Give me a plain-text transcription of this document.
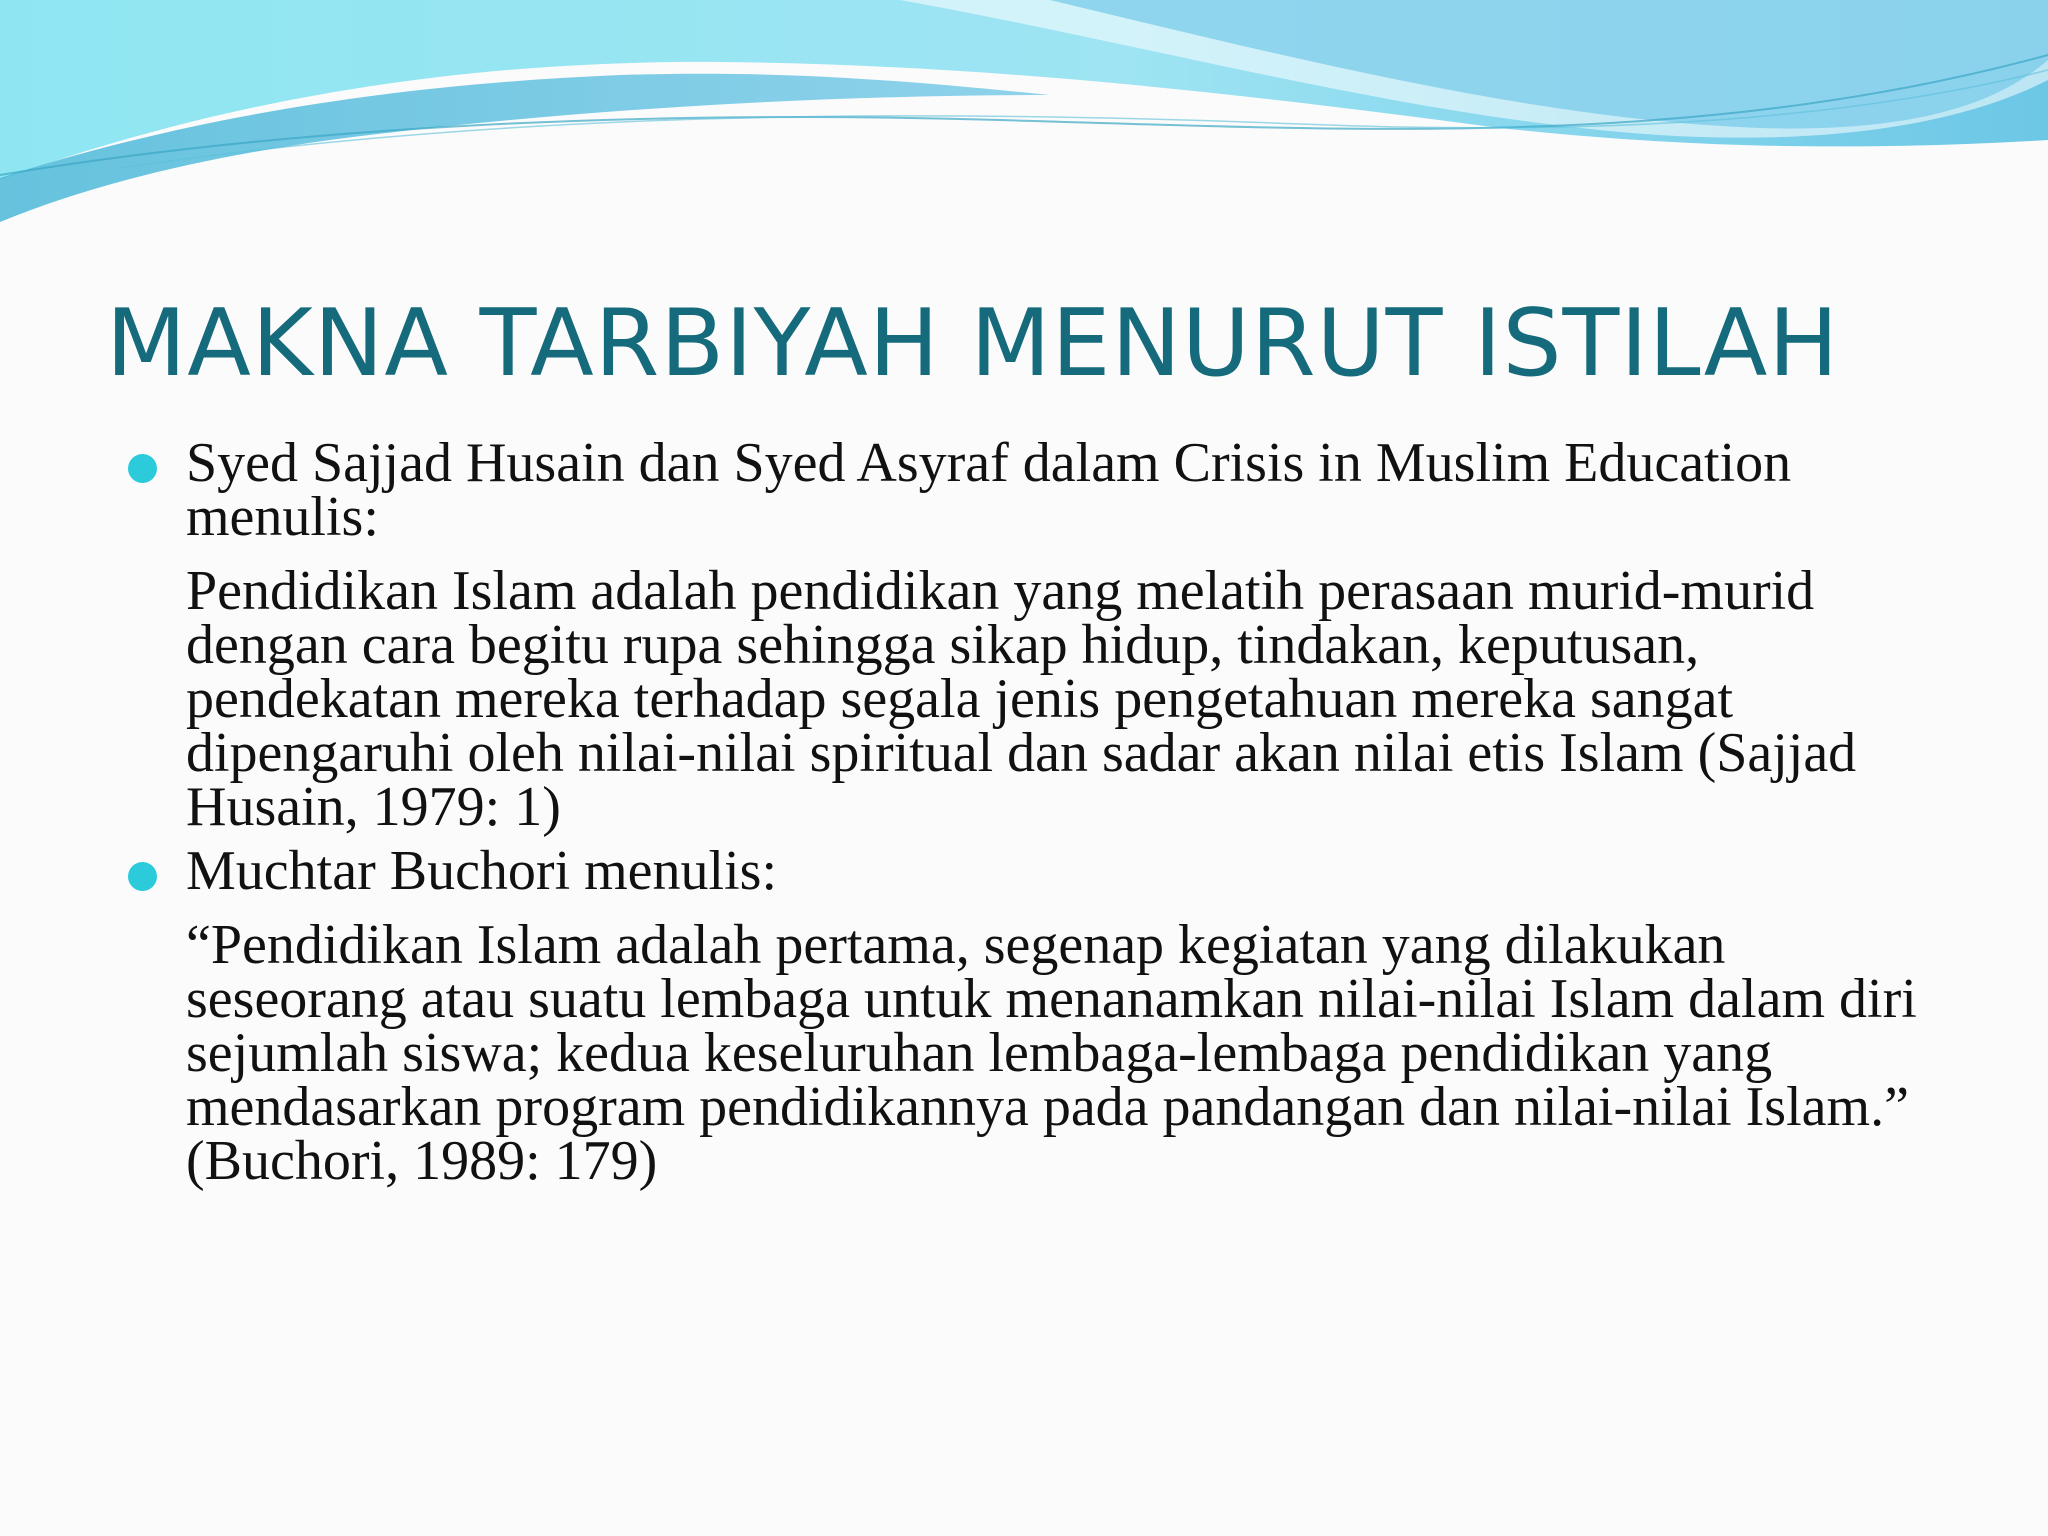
MAKNA TARBIYAH MENURUT ISTILAH

Syed Sajjad Husain dan Syed Asyraf dalam Crisis in Muslim Education menulis:

Pendidikan Islam adalah pendidikan yang melatih perasaan murid-murid dengan cara begitu rupa sehingga sikap hidup, tindakan, keputusan, pendekatan mereka terhadap segala jenis pengetahuan mereka sangat dipengaruhi oleh nilai-nilai spiritual dan sadar akan nilai etis Islam (Sajjad Husain, 1979: 1)

Muchtar Buchori menulis:

“Pendidikan Islam adalah pertama, segenap kegiatan yang dilakukan seseorang atau suatu lembaga untuk menanamkan nilai-nilai Islam dalam diri sejumlah siswa; kedua keseluruhan lembaga-lembaga pendidikan yang mendasarkan program pendidikannya pada pandangan dan nilai-nilai Islam.” (Buchori, 1989: 179)
